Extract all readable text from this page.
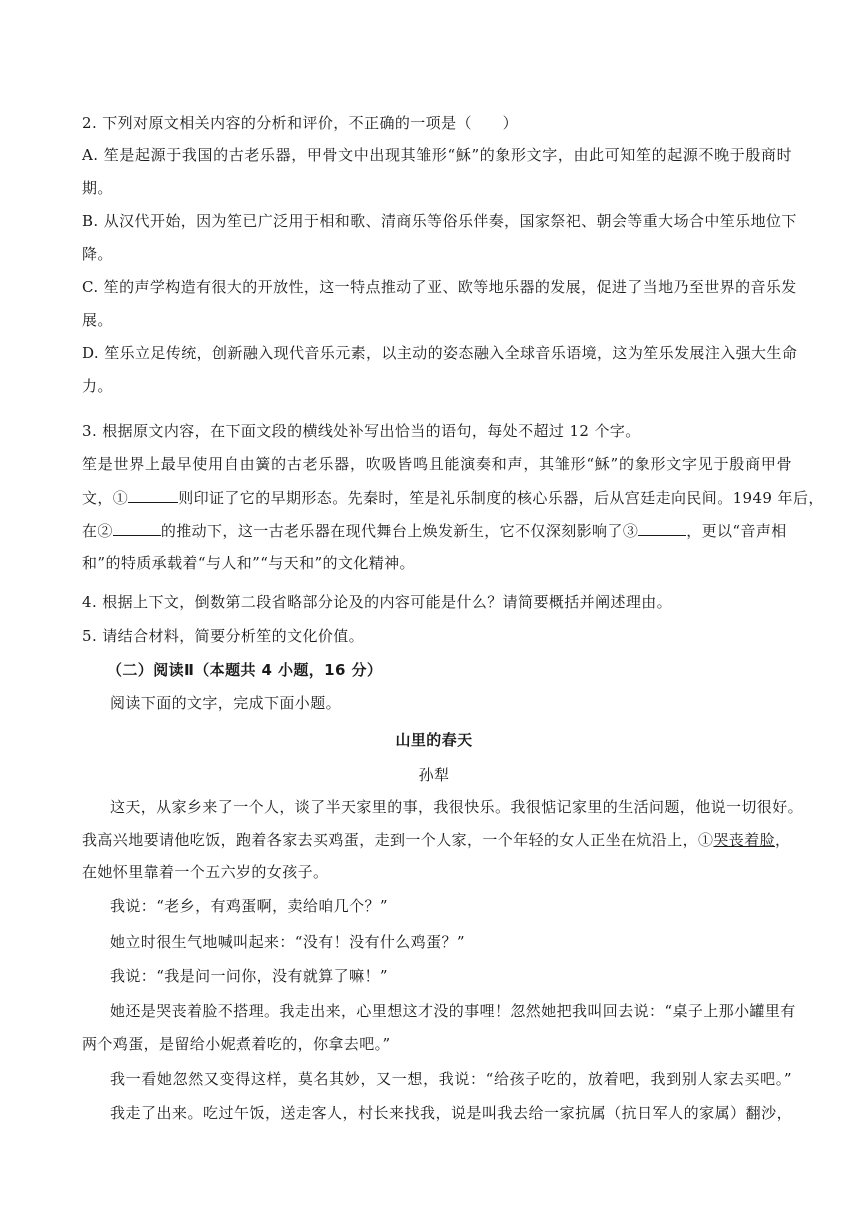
2. 下列对原文相关内容的分析和评价，不正确的一项是（　　）
A. 笙是起源于我国的古老乐器，甲骨文中出现其雏形“穌”的象形文字，由此可知笙的起源不晚于殷商时
期。
B. 从汉代开始，因为笙已广泛用于相和歌、清商乐等俗乐伴奏，国家祭祀、朝会等重大场合中笙乐地位下
降。
C. 笙的声学构造有很大的开放性，这一特点推动了亚、欧等地乐器的发展，促进了当地乃至世界的音乐发
展。
D. 笙乐立足传统，创新融入现代音乐元素，以主动的姿态融入全球音乐语境，这为笙乐发展注入强大生命
力。
3. 根据原文内容，在下面文段的横线处补写出恰当的语句，每处不超过 12 个字。
笙是世界上最早使用自由簧的古老乐器，吹吸皆鸣且能演奏和声，其雏形“穌”的象形文字见于殷商甲骨
文，①	则印证了它的早期形态。先秦时，笙是礼乐制度的核心乐器，后从宫廷走向民间。1949 年后，
在②	的推动下，这一古老乐器在现代舞台上焕发新生，它不仅深刻影响了③	，更以“音声相
和”的特质承载着“与人和”“与天和”的文化精神。
4. 根据上下文，倒数第二段省略部分论及的内容可能是什么？请简要概括并阐述理由。
5. 请结合材料，简要分析笙的文化价值。
（二）阅读Ⅱ（本题共 4 小题，16 分）
阅读下面的文字，完成下面小题。
山里的春天
孙犁
这天，从家乡来了一个人，谈了半天家里的事，我很快乐。我很惦记家里的生活问题，他说一切很好。
我高兴地要请他吃饭，跑着各家去买鸡蛋，走到一个人家，一个年轻的女人正坐在炕沿上，①哭丧着脸，
在她怀里靠着一个五六岁的女孩子。
我说：“老乡，有鸡蛋啊，卖给咱几个？”
她立时很生气地喊叫起来：“没有！没有什么鸡蛋？”
我说：“我是问一问你，没有就算了嘛！”
她还是哭丧着脸不搭理。我走出来，心里想这才没的事哩！忽然她把我叫回去说：“桌子上那小罐里有
两个鸡蛋，是留给小妮煮着吃的，你拿去吧。”
我一看她忽然又变得这样，莫名其妙，又一想，我说：“给孩子吃的，放着吧，我到别人家去买吧。”
我走了出来。吃过午饭，送走客人，村长来找我，说是叫我去给一家抗属（抗日军人的家属）翻沙，
